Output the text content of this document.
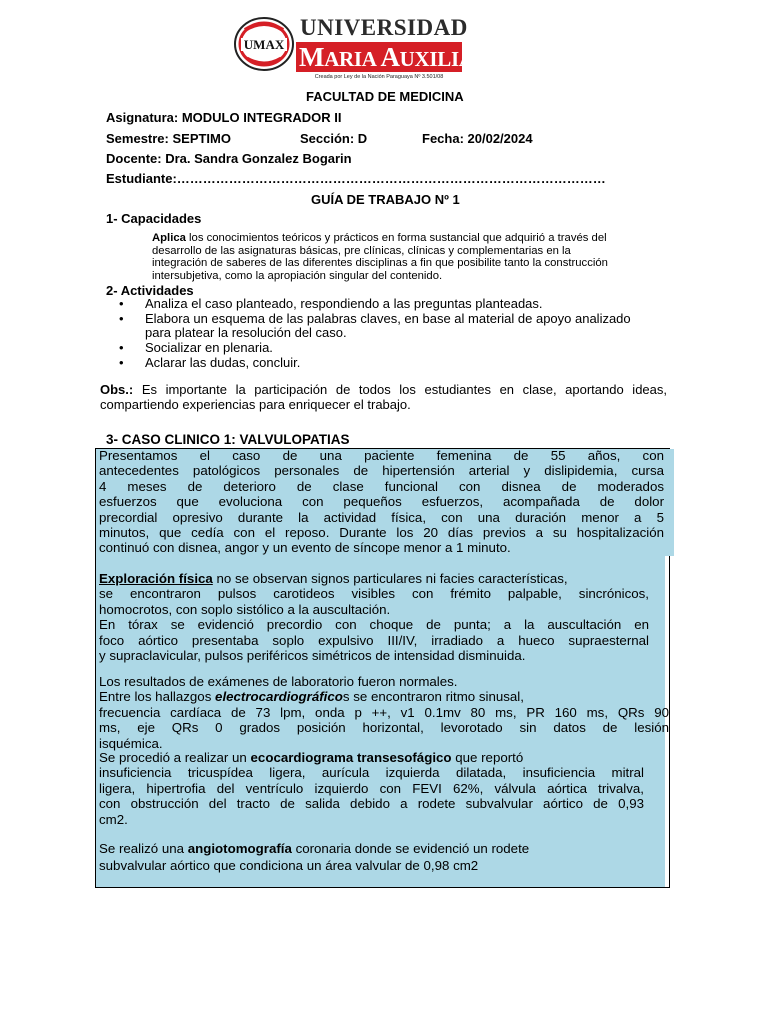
UMAX
UNIVERSIDAD
MARIA AUXILIADORA
Creada por Ley de la Nación Paraguaya Nº 3.501/08
FACULTAD DE MEDICINA
Asignatura: MODULO INTEGRADOR II
Semestre: SEPTIMO	Sección: D	Fecha: 20/02/2024
Docente: Dra. Sandra Gonzalez Bogarin
Estudiante:………………………………………………………………………………………
GUÍA DE TRABAJO Nº 1
1- Capacidades
Aplica los conocimientos teóricos y prácticos en forma sustancial que adquirió a través del
desarrollo de las asignaturas básicas, pre clínicas, clínicas y complementarias en la
integración de saberes de las diferentes disciplinas a fin que posibilite tanto la construcción
intersubjetiva, como la apropiación singular del contenido.
2- Actividades
• Analiza el caso planteado, respondiendo a las preguntas planteadas.
• Elabora un esquema de las palabras claves, en base al material de apoyo analizado
para platear la resolución del caso.
• Socializar en plenaria.
• Aclarar las dudas, concluir.
Obs.: Es importante la participación de todos los estudiantes en clase, aportando ideas,
compartiendo experiencias para enriquecer el trabajo.
3- CASO CLINICO 1: VALVULOPATIAS
Presentamos el caso de una paciente femenina de 55 años, con
antecedentes patológicos personales de hipertensión arterial y dislipidemia, cursa
4 meses de deterioro de clase funcional con disnea de moderados
esfuerzos que evoluciona con pequeños esfuerzos, acompañada de dolor
precordial opresivo durante la actividad física, con una duración menor a 5
minutos, que cedía con el reposo. Durante los 20 días previos a su hospitalización
continuó con disnea, angor y un evento de síncope menor a 1 minuto.
Exploración física no se observan signos particulares ni facies características,
se encontraron pulsos carotideos visibles con frémito palpable, sincrónicos,
homocrotos, con soplo sistólico a la auscultación.
En tórax se evidenció precordio con choque de punta; a la auscultación en
foco aórtico presentaba soplo expulsivo III/IV, irradiado a hueco supraesternal
y supraclavicular, pulsos periféricos simétricos de intensidad disminuida.
Los resultados de exámenes de laboratorio fueron normales.
Entre los hallazgos electrocardiográficos se encontraron ritmo sinusal,
frecuencia cardíaca de 73 lpm, onda p ++, v1 0.1mv 80 ms, PR 160 ms, QRs 90
ms, eje QRs 0 grados posición horizontal, levorotado sin datos de lesión
isquémica.
Se procedió a realizar un ecocardiograma transesofágico que reportó
insuficiencia tricuspídea ligera, aurícula izquierda dilatada, insuficiencia mitral
ligera, hipertrofia del ventrículo izquierdo con FEVI 62%, válvula aórtica trivalva,
con obstrucción del tracto de salida debido a rodete subvalvular aórtico de 0,93
cm2.
Se realizó una angiotomografía coronaria donde se evidenció un rodete
subvalvular aórtico que condiciona un área valvular de 0,98 cm2
